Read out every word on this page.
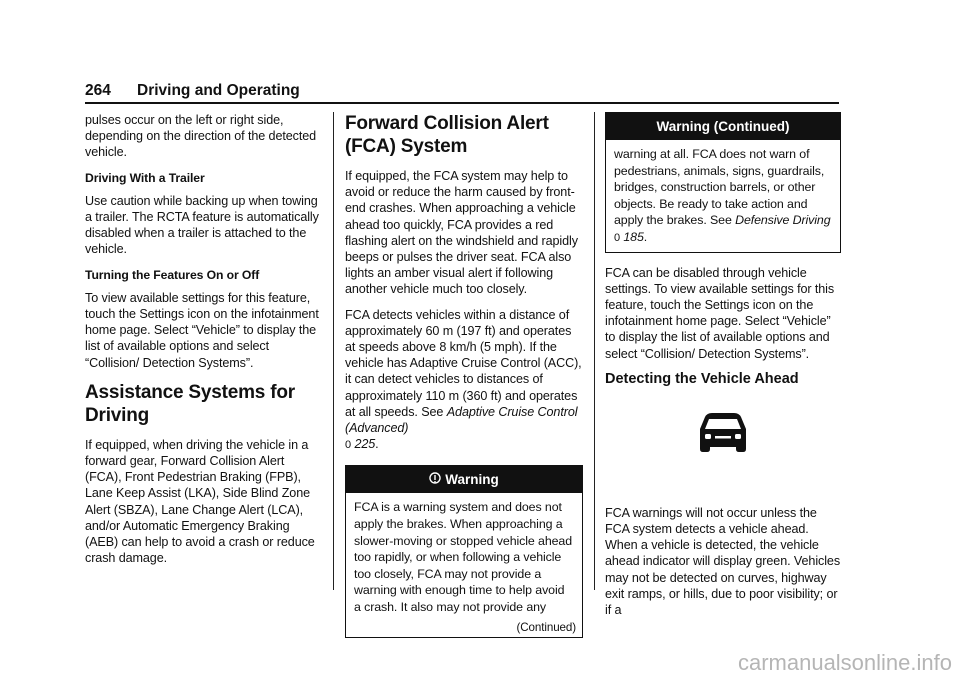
264 Driving and Operating

pulses occur on the left or right side, depending on the direction of the detected vehicle.

Driving With a Trailer

Use caution while backing up when towing a trailer. The RCTA feature is automatically disabled when a trailer is attached to the vehicle.

Turning the Features On or Off

To view available settings for this feature, touch the Settings icon on the infotainment home page. Select “Vehicle” to display the list of available options and select “Collision/ Detection Systems”.

Assistance Systems for Driving

If equipped, when driving the vehicle in a forward gear, Forward Collision Alert (FCA), Front Pedestrian Braking (FPB), Lane Keep Assist (LKA), Side Blind Zone Alert (SBZA), Lane Change Alert (LCA), and/or Automatic Emergency Braking (AEB) can help to avoid a crash or reduce crash damage.

Forward Collision Alert (FCA) System

If equipped, the FCA system may help to avoid or reduce the harm caused by front-end crashes. When approaching a vehicle ahead too quickly, FCA provides a red flashing alert on the windshield and rapidly beeps or pulses the driver seat. FCA also lights an amber visual alert if following another vehicle much too closely.

FCA detects vehicles within a distance of approximately 60 m (197 ft) and operates at speeds above 8 km/h (5 mph). If the vehicle has Adaptive Cruise Control (ACC), it can detect vehicles to distances of approximately 110 m (360 ft) and operates at all speeds. See Adaptive Cruise Control (Advanced)
0 225.

Warning

FCA is a warning system and does not apply the brakes. When approaching a slower-moving or stopped vehicle ahead too rapidly, or when following a vehicle too closely, FCA may not provide a warning with enough time to help avoid a crash. It also may not provide any

(Continued)

Warning (Continued)

warning at all. FCA does not warn of pedestrians, animals, signs, guardrails, bridges, construction barrels, or other objects. Be ready to take action and apply the brakes. See Defensive Driving
0 185.

FCA can be disabled through vehicle settings. To view available settings for this feature, touch the Settings icon on the infotainment home page. Select “Vehicle” to display the list of available options and select “Collision/ Detection Systems”.

Detecting the Vehicle Ahead

FCA warnings will not occur unless the FCA system detects a vehicle ahead. When a vehicle is detected, the vehicle ahead indicator will display green. Vehicles may not be detected on curves, highway exit ramps, or hills, due to poor visibility; or if a

carmanualsonline.info
